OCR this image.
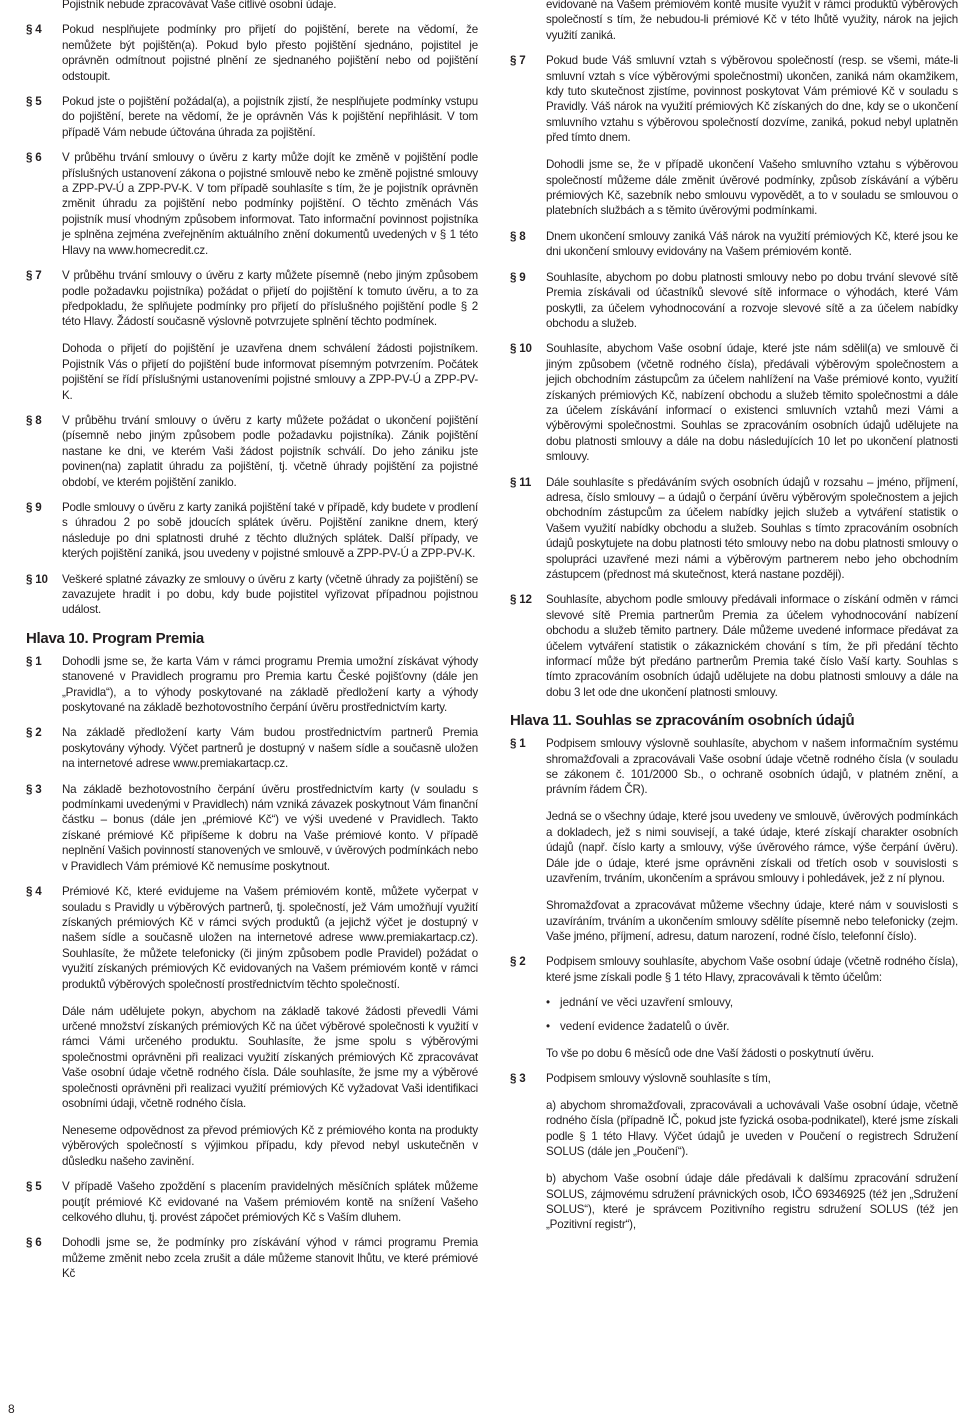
Pojistník nebude zpracovávat Vaše citlivé osobní údaje.

§ 4 Pokud nesplňujete podmínky pro přijetí do pojištění, berete na vědomí, že nemůžete být pojištěn(a). Pokud bylo přesto pojištění sjednáno, pojistitel je oprávněn odmítnout pojistné plnění ze sjednaného pojištění nebo od pojištění odstoupit.
§ 5 Pokud jste o pojištění požádal(a), a pojistník zjistí, že nesplňujete podmínky vstupu do pojištění, berete na vědomí, že je oprávněn Vás k pojištění nepřihlásit. V tom případě Vám nebude účtována úhrada za pojištění.
§ 6 V průběhu trvání smlouvy o úvěru z karty může dojít ke změně v pojištění podle příslušných ustanovení zákona o pojistné smlouvě nebo ke změně pojistné smlouvy a ZPP-PV-Ú a ZPP-PV-K. V tom případě souhlasíte s tím, že je pojistník oprávněn změnit úhradu za pojištění nebo podmínky pojištění. O těchto změnách Vás pojistník musí vhodným způsobem informovat. Tato informační povinnost pojistníka je splněna zejména zveřejněním aktuálního znění dokumentů uvedených v § 1 této Hlavy na www.homecredit.cz.
§ 7 V průběhu trvání smlouvy o úvěru z karty můžete písemně (nebo jiným způsobem podle požadavku pojistníka) požádat o přijetí do pojištění k tomuto úvěru, a to za předpokladu, že splňujete podmínky pro přijetí do příslušného pojištění podle § 2 této Hlavy. Žádostí současně výslovně potvrzujete splnění těchto podmínek.

Dohoda o přijetí do pojištění je uzavřena dnem schválení žádosti pojistníkem. Pojistník Vás o přijetí do pojištění bude informovat písemným potvrzením. Počátek pojištění se řídí příslušnými ustanoveními pojistné smlouvy a ZPP-PV-Ú a ZPP-PV-K.

§ 8 V průběhu trvání smlouvy o úvěru z karty můžete požádat o ukončení pojištění (písemně nebo jiným způsobem podle požadavku pojistníka). Zánik pojištění nastane ke dni, ve kterém Vaši žádost pojistník schválí. Do jeho zániku jste povinen(na) zaplatit úhradu za pojištění, tj. včetně úhrady pojištění za pojistné období, ve kterém pojištění zaniklo.
§ 9 Podle smlouvy o úvěru z karty zaniká pojištění také v případě, kdy budete v prodlení s úhradou 2 po sobě jdoucích splátek úvěru. Pojištění zanikne dnem, který následuje po dni splatnosti druhé z těchto dlužných splátek. Další případy, ve kterých pojištění zaniká, jsou uvedeny v pojistné smlouvě a ZPP-PV-Ú a ZPP-PV-K.
§ 10 Veškeré splatné závazky ze smlouvy o úvěru z karty (včetně úhrady za pojištění) se zavazujete hradit i po dobu, kdy bude pojistitel vyřizovat případnou pojistnou událost.
Hlava 10. Program Premia
§ 1 Dohodli jsme se, že karta Vám v rámci programu Premia umožní získávat výhody stanovené v Pravidlech programu pro Premia kartu České pojišťovny (dále jen „Pravidla“), a to výhody poskytované na základě předložení karty a výhody poskytované na základě bezhotovostního čerpání úvěru prostřednictvím karty.
§ 2 Na základě předložení karty Vám budou prostřednictvím partnerů Premia poskytovány výhody. Výčet partnerů je dostupný v našem sídle a současně uložen na internetové adrese www.premiakartacp.cz.
§ 3 Na základě bezhotovostního čerpání úvěru prostřednictvím karty (v souladu s podmínkami uvedenými v Pravidlech) nám vzniká závazek poskytnout Vám finanční částku – bonus (dále jen „prémiové Kč“) ve výši uvedené v Pravidlech. Takto získané prémiové Kč připíšeme k dobru na Vaše prémiové konto. V případě neplnění Vašich povinností stanovených ve smlouvě, v úvěrových podmínkách nebo v Pravidlech Vám prémiové Kč nemusíme poskytnout.
§ 4 Prémiové Kč, které evidujeme na Vašem prémiovém kontě, můžete vyčerpat v souladu s Pravidly u výběrových partnerů, tj. společností, jež Vám umožňují využití získaných prémiových Kč v rámci svých produktů (a jejichž výčet je dostupný v našem sídle a současně uložen na internetové adrese www.premiakartacp.cz). Souhlasíte, že můžete telefonicky (či jiným způsobem podle Pravidel) požádat o využití získaných prémiových Kč evidovaných na Vašem prémiovém kontě v rámci produktů výběrových společností prostřednictvím těchto společností.

Dále nám udělujete pokyn, abychom na základě takové žádosti převedli Vámi určené množství získaných prémiových Kč na účet výběrové společnosti k využití v rámci Vámi určeného produktu. Souhlasíte, že jsme spolu s výběrovými společnostmi oprávněni při realizaci využití získaných prémiových Kč zpracovávat Vaše osobní údaje včetně rodného čísla. Dále souhlasíte, že jsme my a výběrové společnosti oprávněni při realizaci využití prémiových Kč vyžadovat Vaši identifikaci osobními údaji, včetně rodného čísla.

Neneseme odpovědnost za převod prémiových Kč z prémiového konta na produkty výběrových společností s výjimkou případu, kdy převod nebyl uskutečněn v důsledku našeho zavinění.

§ 5 V případě Vašeho zpoždění s placením pravidelných měsíčních splátek můžeme pouţít prémiové Kč evidované na Vašem prémiovém kontě na snížení Vašeho celkového dluhu, tj. provést zápočet prémiových Kč s Vaším dluhem.
§ 6 Dohodli jsme se, že podmínky pro získávání výhod v rámci programu Premia můžeme změnit nebo zcela zrušit a dále můžeme stanovit lhůtu, ve které prémiové Kč

evidované na Vašem prémiovém kontě musíte využít v rámci produktů výběrových společností s tím, že nebudou-li prémiové Kč v této lhůtě využity, nárok na jejich využití zaniká.

§ 7 Pokud bude Váš smluvní vztah s výběrovou společností (resp. se všemi, máte-li smluvní vztah s více výběrovými společnostmi) ukončen, zaniká nám okamžikem, kdy tuto skutečnost zjistíme, povinnost poskytovat Vám prémiové Kč v souladu s Pravidly. Váš nárok na využití prémiových Kč získaných do dne, kdy se o ukončení smluvního vztahu s výběrovou společností dozvíme, zaniká, pokud nebyl uplatněn před tímto dnem.

Dohodli jsme se, že v případě ukončení Vašeho smluvního vztahu s výběrovou společností můžeme dále změnit úvěrové podmínky, způsob získávání a výběru prémiových Kč, sazebník nebo smlouvu vypovědět, a to v souladu se smlouvou o platebních službách a s těmito úvěrovými podmínkami.

§ 8 Dnem ukončení smlouvy zaniká Váš nárok na využití prémiových Kč, které jsou ke dni ukončení smlouvy evidovány na Vašem prémiovém kontě.
§ 9 Souhlasíte, abychom po dobu platnosti smlouvy nebo po dobu trvání slevové sítě Premia získávali od účastníků slevové sítě informace o výhodách, které Vám poskytli, za účelem vyhodnocování a rozvoje slevové sítě a za účelem nabídky obchodu a služeb.
§ 10 Souhlasíte, abychom Vaše osobní údaje, které jste nám sdělil(a) ve smlouvě či jiným způsobem (včetně rodného čísla), předávali výběrovým společnostem a jejich obchodním zástupcům za účelem nahlížení na Vaše prémiové konto, využití získaných prémiových Kč, nabízení obchodu a služeb těmito společnostmi a dále za účelem získávání informací o existenci smluvních vztahů mezi Vámi a výběrovými společnostmi. Souhlas se zpracováním osobních údajů udělujete na dobu platnosti smlouvy a dále na dobu následujících 10 let po ukončení platnosti smlouvy.
§ 11 Dále souhlasíte s předáváním svých osobních údajů v rozsahu – jméno, příjmení, adresa, číslo smlouvy – a údajů o čerpání úvěru výběrovým společnostem a jejich obchodním zástupcům za účelem nabídky jejich služeb a vytváření statistik o Vašem využití nabídky obchodu a služeb. Souhlas s tímto zpracováním osobních údajů poskytujete na dobu platnosti této smlouvy nebo na dobu platnosti smlouvy o spolupráci uzavřené mezi námi a výběrovým partnerem nebo jeho obchodním zástupcem (přednost má skutečnost, která nastane později).
§ 12 Souhlasíte, abychom podle smlouvy předávali informace o získání odměn v rámci slevové sítě Premia partnerům Premia za účelem vyhodnocování nabízení obchodu a služeb těmito partnery. Dále můžeme uvedené informace předávat za účelem vytváření statistik o zákaznickém chování s tím, že při předání těchto informací může být předáno partnerům Premia také číslo Vaší karty. Souhlas s tímto zpracováním osobních údajů udělujete na dobu platnosti smlouvy a dále na dobu 3 let ode dne ukončení platnosti smlouvy.
Hlava 11. Souhlas se zpracováním osobních údajů
§ 1 Podpisem smlouvy výslovně souhlasíte, abychom v našem informačním systému shromažďovali a zpracovávali Vaše osobní údaje včetně rodného čísla (v souladu se zákonem č. 101/2000 Sb., o ochraně osobních údajů, v platném znění, a právním řádem ČR).

Jedná se o všechny údaje, které jsou uvedeny ve smlouvě, úvěrových podmínkách a dokladech, jež s nimi souvisejí, a také údaje, které získají charakter osobních údajů (např. číslo karty a smlouvy, výše úvěrového rámce, výše čerpání úvěru). Dále jde o údaje, které jsme oprávněni získali od třetích osob v souvislosti s uzavřením, trváním, ukončením a správou smlouvy i pohledávek, jež z ní plynou.

Shromažďovat a zpracovávat můžeme všechny údaje, které nám v souvislosti s uzavíráním, trváním a ukončením smlouvy sdělíte písemně nebo telefonicky (zejm. Vaše jméno, příjmení, adresu, datum narození, rodné číslo, telefonní číslo).

§ 2 Podpisem smlouvy souhlasíte, abychom Vaše osobní údaje (včetně rodného čísla), které jsme získali podle § 1 této Hlavy, zpracovávali k těmto účelům:
• jednání ve věci uzavření smlouvy,
• vedení evidence žadatelů o úvěr.

To vše po dobu 6 měsíců ode dne Vaší žádosti o poskytnutí úvěru.

§ 3 Podpisem smlouvy výslovně souhlasíte s tím,

a) abychom shromažďovali, zpracovávali a uchovávali Vaše osobní údaje, včetně rodného čísla (případně IČ, pokud jste fyzická osoba-podnikatel), které jsme získali podle § 1 této Hlavy. Výčet údajů je uveden v Poučení o registrech Sdružení SOLUS (dále jen „Poučení“).

b) abychom Vaše osobní údaje dále předávali k dalšímu zpracování sdružení SOLUS, zájmovému sdružení právnických osob, IČO 69346925 (též jen „Sdružení SOLUS“), které je správcem Pozitivního registru sdružení SOLUS (též jen „Pozitivní registr“),

8
